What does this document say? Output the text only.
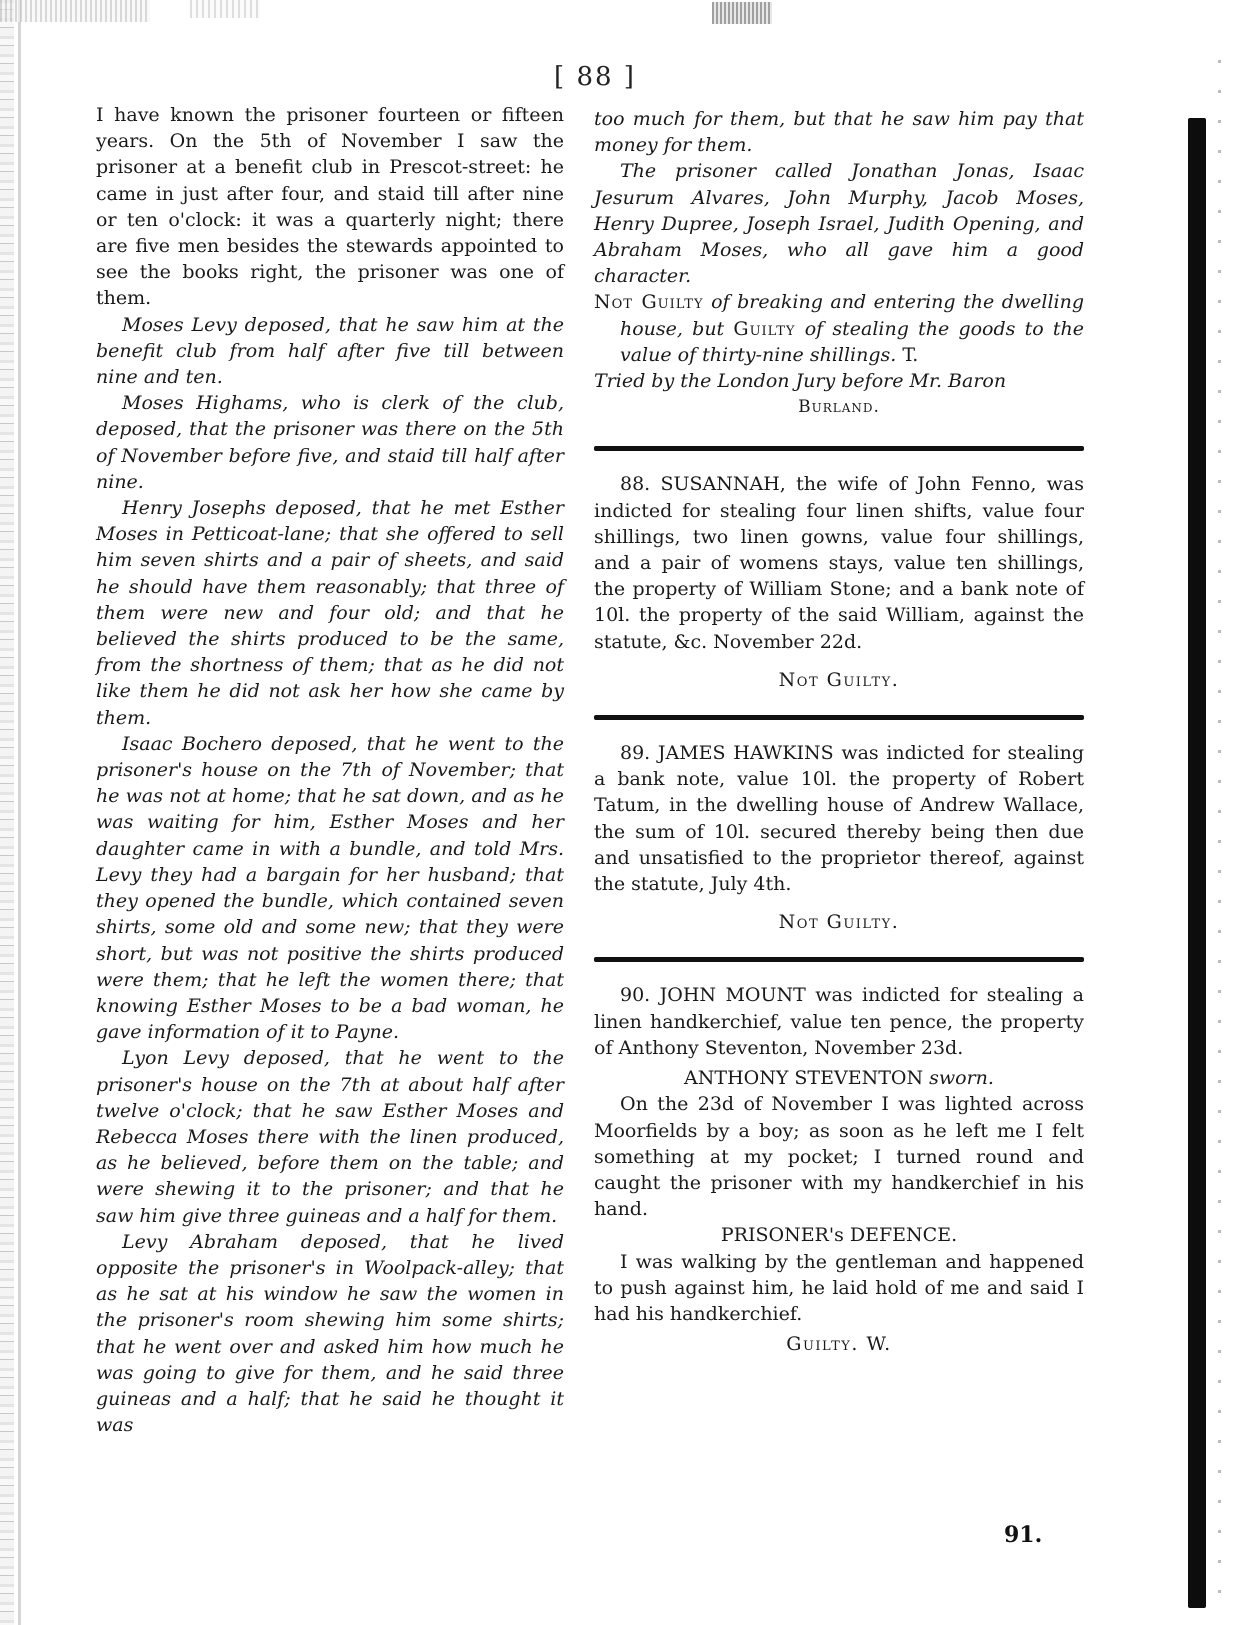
[ 88 ]

I have known the prisoner fourteen or fifteen years. On the 5th of November I saw the prisoner at a benefit club in Prescot-street: he came in just after four, and staid till after nine or ten o'clock: it was a quarterly night; there are five men besides the stewards appointed to see the books right, the prisoner was one of them.

Moses Levy deposed, that he saw him at the benefit club from half after five till between nine and ten.

Moses Highams, who is clerk of the club, deposed, that the prisoner was there on the 5th of November before five, and staid till half after nine.

Henry Josephs deposed, that he met Esther Moses in Petticoat-lane; that she offered to sell him seven shirts and a pair of sheets, and said he should have them reasonably; that three of them were new and four old; and that he believed the shirts produced to be the same, from the shortness of them; that as he did not like them he did not ask her how she came by them.

Isaac Bochero deposed, that he went to the prisoner's house on the 7th of November; that he was not at home; that he sat down, and as he was waiting for him, Esther Moses and her daughter came in with a bundle, and told Mrs. Levy they had a bargain for her husband; that they opened the bundle, which contained seven shirts, some old and some new; that they were short, but was not positive the shirts produced were them; that he left the women there; that knowing Esther Moses to be a bad woman, he gave information of it to Payne.

Lyon Levy deposed, that he went to the prisoner's house on the 7th at about half after twelve o'clock; that he saw Esther Moses and Rebecca Moses there with the linen produced, as he believed, before them on the table; and were shewing it to the prisoner; and that he saw him give three guineas and a half for them.

Levy Abraham deposed, that he lived opposite the prisoner's in Woolpack-alley; that as he sat at his window he saw the women in the prisoner's room shewing him some shirts; that he went over and asked him how much he was going to give for them, and he said three guineas and a half; that he said he thought it was

too much for them, but that he saw him pay that money for them.

The prisoner called Jonathan Jonas, Isaac Jesurum Alvares, John Murphy, Jacob Moses, Henry Dupree, Joseph Israel, Judith Opening, and Abraham Moses, who all gave him a good character.

Not Guilty of breaking and entering the dwelling house, but Guilty of stealing the goods to the value of thirty-nine shillings. T.

Tried by the London Jury before Mr. Baron

Burland.

88. SUSANNAH, the wife of John Fenno, was indicted for stealing four linen shifts, value four shillings, two linen gowns, value four shillings, and a pair of womens stays, value ten shillings, the property of William Stone; and a bank note of 10l. the property of the said William, against the statute, &c. November 22d.

Not Guilty.

89. JAMES HAWKINS was indicted for stealing a bank note, value 10l. the property of Robert Tatum, in the dwelling house of Andrew Wallace, the sum of 10l. secured thereby being then due and unsatisfied to the proprietor thereof, against the statute, July 4th.

Not Guilty.

90. JOHN MOUNT was indicted for stealing a linen handkerchief, value ten pence, the property of Anthony Steventon, November 23d.

ANTHONY STEVENTON sworn.

On the 23d of November I was lighted across Moorfields by a boy; as soon as he left me I felt something at my pocket; I turned round and caught the prisoner with my handkerchief in his hand.

PRISONER's DEFENCE.

I was walking by the gentleman and happened to push against him, he laid hold of me and said I had his handkerchief.

Guilty. W.

91.
